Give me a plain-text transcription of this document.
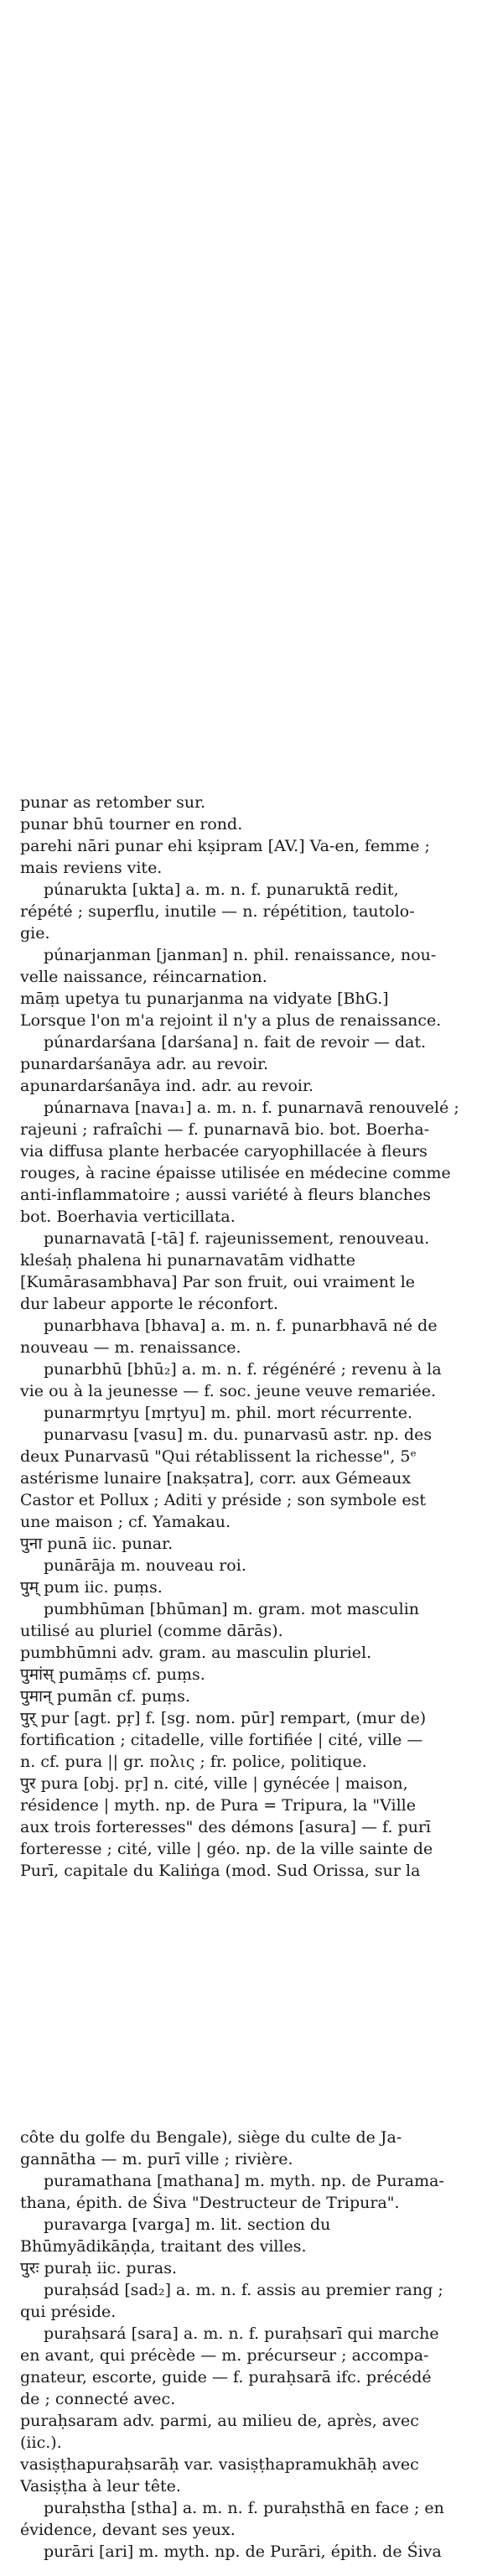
punar as retomber sur.
punar bhū tourner en rond.
parehi nāri punar ehi kṣipram [AV.] Va-en, femme ;
mais reviens vite.
púnarukta [ukta] a. m. n. f. punaruktā redit,
répété ; superflu, inutile — n. répétition, tautolo-
gie.
púnarjanman [janman] n. phil. renaissance, nou-
velle naissance, réincarnation.
māṃ upetya tu punarjanma na vidyate [BhG.]
Lorsque l'on m'a rejoint il n'y a plus de renaissance.
púnardarśana [darśana] n. fait de revoir — dat.
punardarśanāya adr. au revoir.
apunardarśanāya ind. adr. au revoir.
púnarnava [nava₁] a. m. n. f. punarnavā renouvelé ;
rajeuni ; rafraîchi — f. punarnavā bio. bot. Boerha-
via diffusa plante herbacée caryophillacée à fleurs
rouges, à racine épaisse utilisée en médecine comme
anti-inflammatoire ; aussi variété à fleurs blanches
bot. Boerhavia verticillata.
punarnavatā [-tā] f. rajeunissement, renouveau.
kleśaḥ phalena hi punarnavatām vidhatte
[Kumārasambhava] Par son fruit, oui vraiment le
dur labeur apporte le réconfort.
punarbhava [bhava] a. m. n. f. punarbhavā né de
nouveau — m. renaissance.
punarbhū [bhū₂] a. m. n. f. régénéré ; revenu à la
vie ou à la jeunesse — f. soc. jeune veuve remariée.
punarmṛtyu [mṛtyu] m. phil. mort récurrente.
punarvasu [vasu] m. du. punarvasū astr. np. des
deux Punarvasū "Qui rétablissent la richesse", 5ᵉ
astérisme lunaire [nakṣatra], corr. aux Gémeaux
Castor et Pollux ; Aditi y préside ; son symbole est
une maison ; cf. Yamakau.
पुना punā iic. punar.
punārāja m. nouveau roi.
पुम् pum iic. puṃs.
pumbhūman [bhūman] m. gram. mot masculin
utilisé au pluriel (comme dārās).
pumbhūmni adv. gram. au masculin pluriel.
पुमांस् pumāṃs cf. puṃs.
पुमान् pumān cf. puṃs.
पुर् pur [agt. pṛ] f. [sg. nom. pūr] rempart, (mur de)
fortification ; citadelle, ville fortifiée | cité, ville —
n. cf. pura || gr. πολις ; fr. police, politique.
पुर pura [obj. pṛ] n. cité, ville | gynécée | maison,
résidence | myth. np. de Pura = Tripura, la "Ville
aux trois forteresses" des démons [asura] — f. purī
forteresse ; cité, ville | géo. np. de la ville sainte de
Purī, capitale du Kaliṅga (mod. Sud Orissa, sur la
côte du golfe du Bengale), siège du culte de Ja-
gannātha — m. purī ville ; rivière.
puramathana [mathana] m. myth. np. de Purama-
thana, épith. de Śiva "Destructeur de Tripura".
puravarga [varga] m. lit. section du
Bhūmyādikāṇḍa, traitant des villes.
पुरः puraḥ iic. puras.
puraḥsád [sad₂] a. m. n. f. assis au premier rang ;
qui préside.
puraḥsará [sara] a. m. n. f. puraḥsarī qui marche
en avant, qui précède — m. précurseur ; accompa-
gnateur, escorte, guide — f. puraḥsarā ifc. précédé
de ; connecté avec.
puraḥsaram adv. parmi, au milieu de, après, avec
(iic.).
vasiṣṭhapuraḥsarāḥ var. vasiṣṭhapramukhāḥ avec
Vasiṣṭha à leur tête.
puraḥstha [stha] a. m. n. f. puraḥsthā en face ; en
évidence, devant ses yeux.
purāri [ari] m. myth. np. de Purāri, épith. de Śiva
